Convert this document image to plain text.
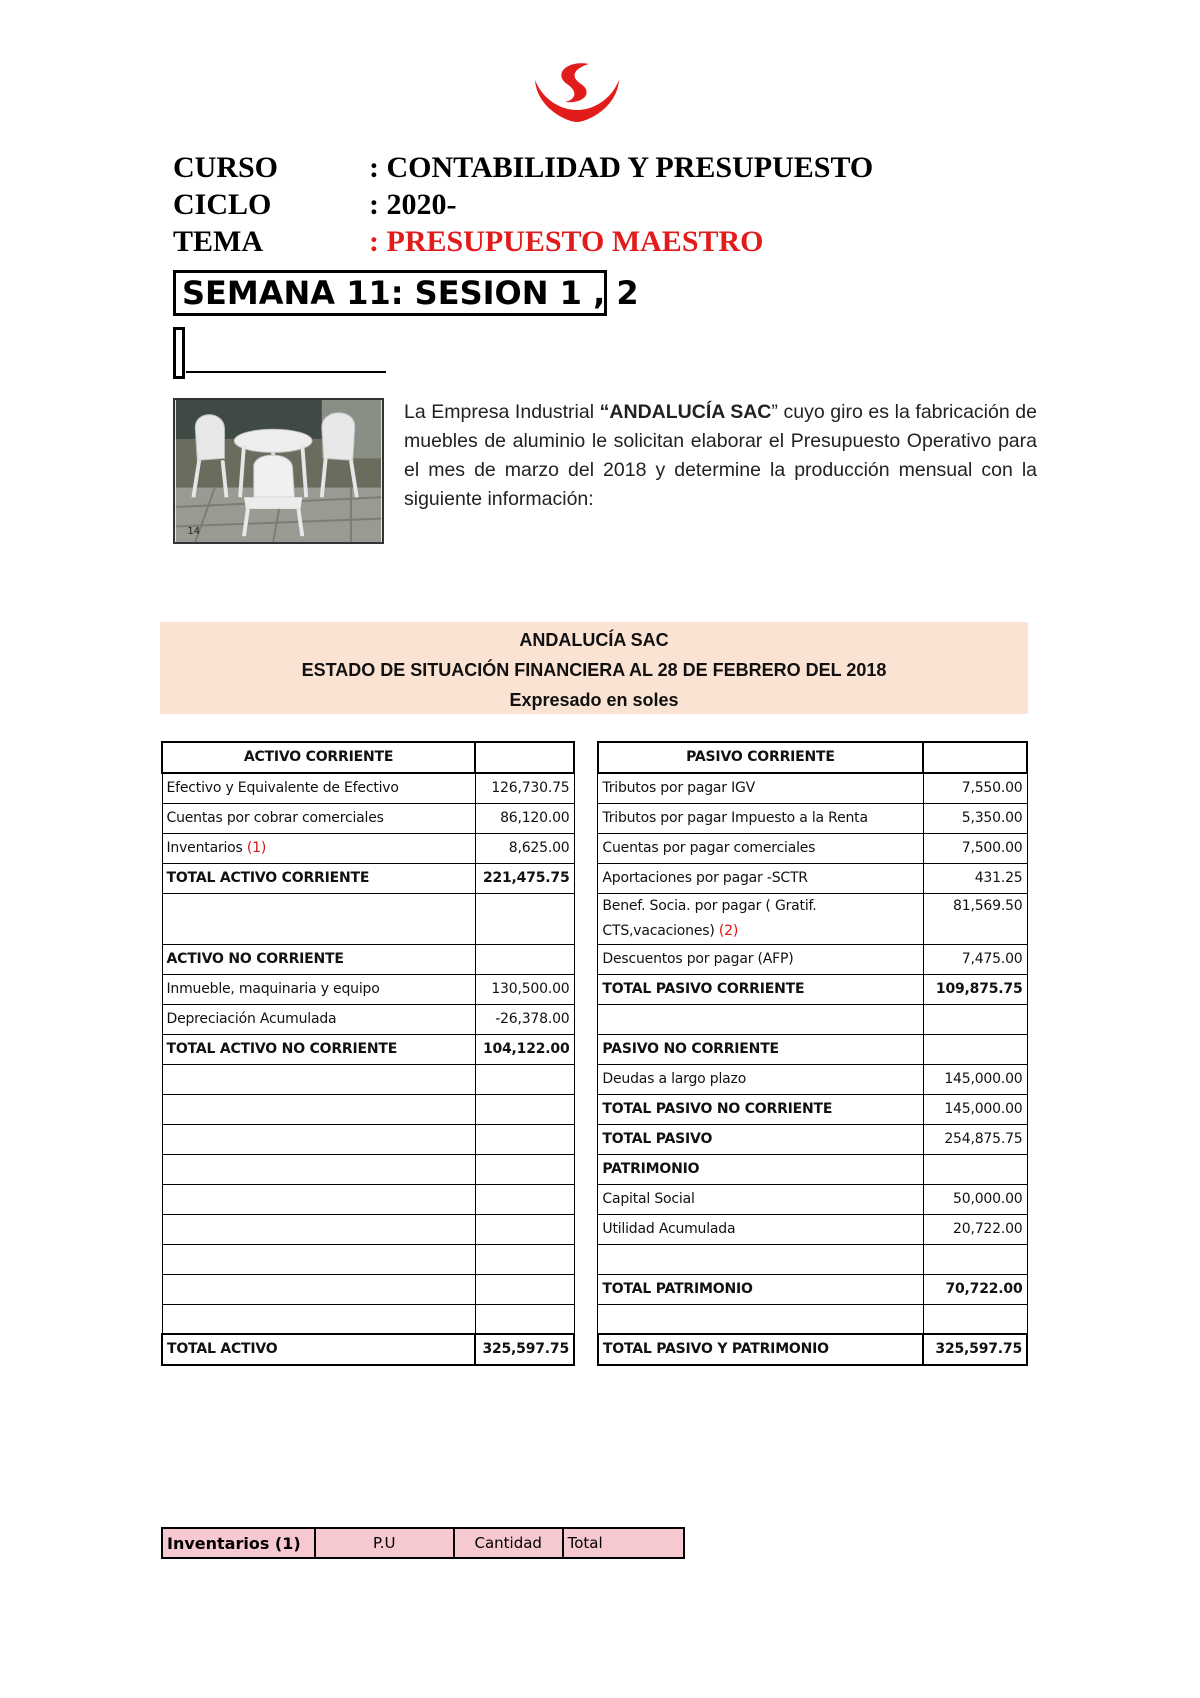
CURSO	: CONTABILIDAD Y PRESUPUESTO
CICLO	: 2020-
TEMA	: PRESUPUESTO MAESTRO
SEMANA 11: SESION 1 , 2
14
La Empresa Industrial “ANDALUCÍA SAC” cuyo giro es la fabricación de muebles de aluminio le solicitan elaborar el Presupuesto Operativo para el mes de marzo del 2018 y determine la producción mensual con la siguiente información:
ANDALUCÍA SAC
ESTADO DE SITUACIÓN FINANCIERA AL 28 DE FEBRERO DEL 2018
Expresado en soles
ACTIVO CORRIENTE			PASIVO CORRIENTE	
Efectivo y Equivalente de Efectivo	126,730.75		Tributos por pagar IGV	7,550.00
Cuentas por cobrar comerciales	86,120.00		Tributos por pagar Impuesto a la Renta	5,350.00
Inventarios (1)	8,625.00		Cuentas por pagar comerciales	7,500.00
TOTAL ACTIVO CORRIENTE	221,475.75		Aportaciones por pagar -SCTR	431.25
			Benef. Socia. por pagar ( Gratif. CTS,vacaciones) (2)	81,569.50
ACTIVO NO CORRIENTE			Descuentos por pagar (AFP)	7,475.00
Inmueble, maquinaria y equipo	130,500.00		TOTAL PASIVO CORRIENTE	109,875.75
Depreciación Acumulada	-26,378.00			
TOTAL ACTIVO NO CORRIENTE	104,122.00		PASIVO NO CORRIENTE	
			Deudas a largo plazo	145,000.00
			TOTAL PASIVO NO CORRIENTE	145,000.00
			TOTAL PASIVO	254,875.75
			PATRIMONIO	
			Capital Social	50,000.00
			Utilidad Acumulada	20,722.00

			TOTAL PATRIMONIO	70,722.00

TOTAL ACTIVO	325,597.75		TOTAL PASIVO Y PATRIMONIO	325,597.75
Inventarios (1)	P.U	Cantidad	Total
